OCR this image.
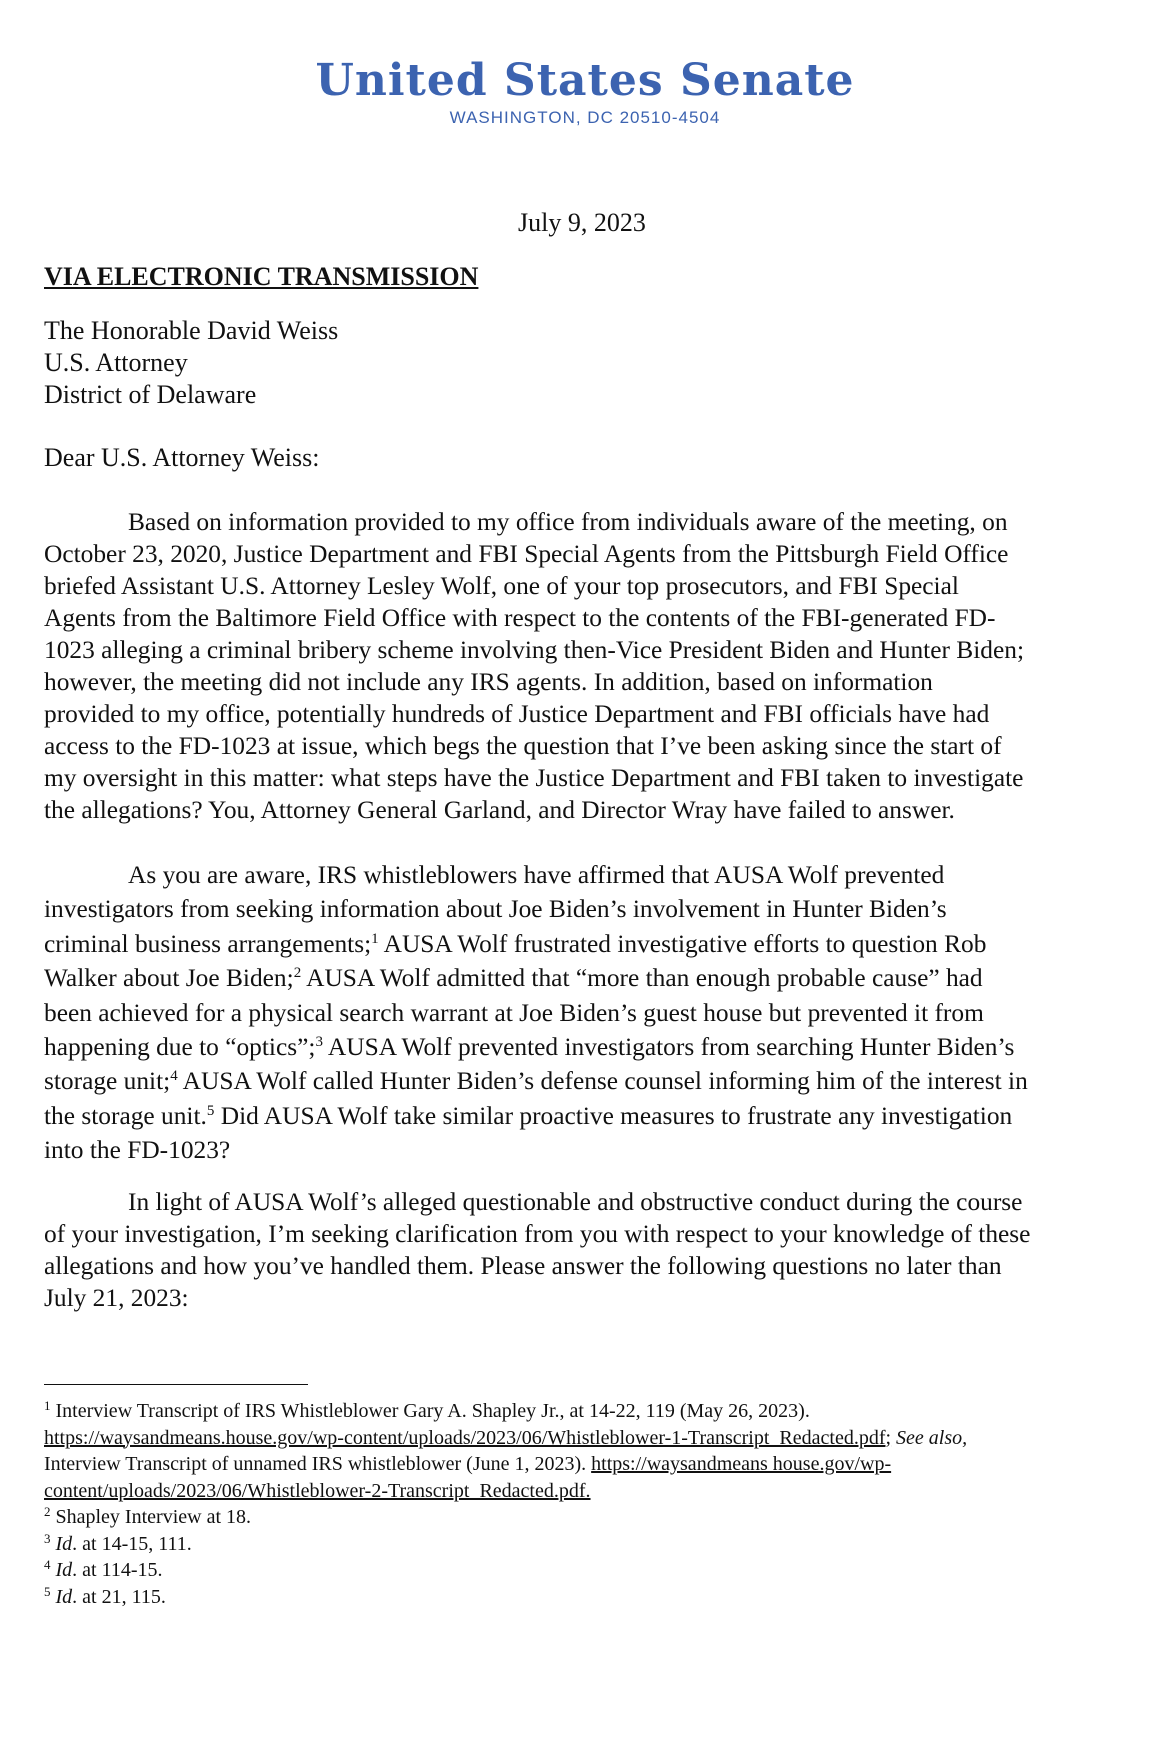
United States Senate
WASHINGTON, DC 20510-4504
July 9, 2023
VIA ELECTRONIC TRANSMISSION
The Honorable David Weiss
U.S. Attorney
District of Delaware
Dear U.S. Attorney Weiss:
Based on information provided to my office from individuals aware of the meeting, on
October 23, 2020, Justice Department and FBI Special Agents from the Pittsburgh Field Office
briefed Assistant U.S. Attorney Lesley Wolf, one of your top prosecutors, and FBI Special
Agents from the Baltimore Field Office with respect to the contents of the FBI-generated FD-
1023 alleging a criminal bribery scheme involving then-Vice President Biden and Hunter Biden;
however, the meeting did not include any IRS agents. In addition, based on information
provided to my office, potentially hundreds of Justice Department and FBI officials have had
access to the FD-1023 at issue, which begs the question that I’ve been asking since the start of
my oversight in this matter: what steps have the Justice Department and FBI taken to investigate
the allegations? You, Attorney General Garland, and Director Wray have failed to answer.
As you are aware, IRS whistleblowers have affirmed that AUSA Wolf prevented
investigators from seeking information about Joe Biden’s involvement in Hunter Biden’s
criminal business arrangements;$^1$ AUSA Wolf frustrated investigative efforts to question Rob
Walker about Joe Biden;$^2$ AUSA Wolf admitted that “more than enough probable cause” had
been achieved for a physical search warrant at Joe Biden’s guest house but prevented it from
happening due to “optics”;$^3$ AUSA Wolf prevented investigators from searching Hunter Biden’s
storage unit;$^4$ AUSA Wolf called Hunter Biden’s defense counsel informing him of the interest in
the storage unit.$^5$ Did AUSA Wolf take similar proactive measures to frustrate any investigation
into the FD-1023?
In light of AUSA Wolf’s alleged questionable and obstructive conduct during the course
of your investigation, I’m seeking clarification from you with respect to your knowledge of these
allegations and how you’ve handled them. Please answer the following questions no later than
July 21, 2023:
$^1$ Interview Transcript of IRS Whistleblower Gary A. Shapley Jr., at 14-22, 119 (May 26, 2023).
https://waysandmeans.house.gov/wp-content/uploads/2023/06/Whistleblower-1-Transcript_Redacted.pdf; See also,
Interview Transcript of unnamed IRS whistleblower (June 1, 2023). https://waysandmeans house.gov/wp-
content/uploads/2023/06/Whistleblower-2-Transcript_Redacted.pdf.
$^2$ Shapley Interview at 18.
$^3$ Id. at 14-15, 111.
$^4$ Id. at 114-15.
$^5$ Id. at 21, 115.
